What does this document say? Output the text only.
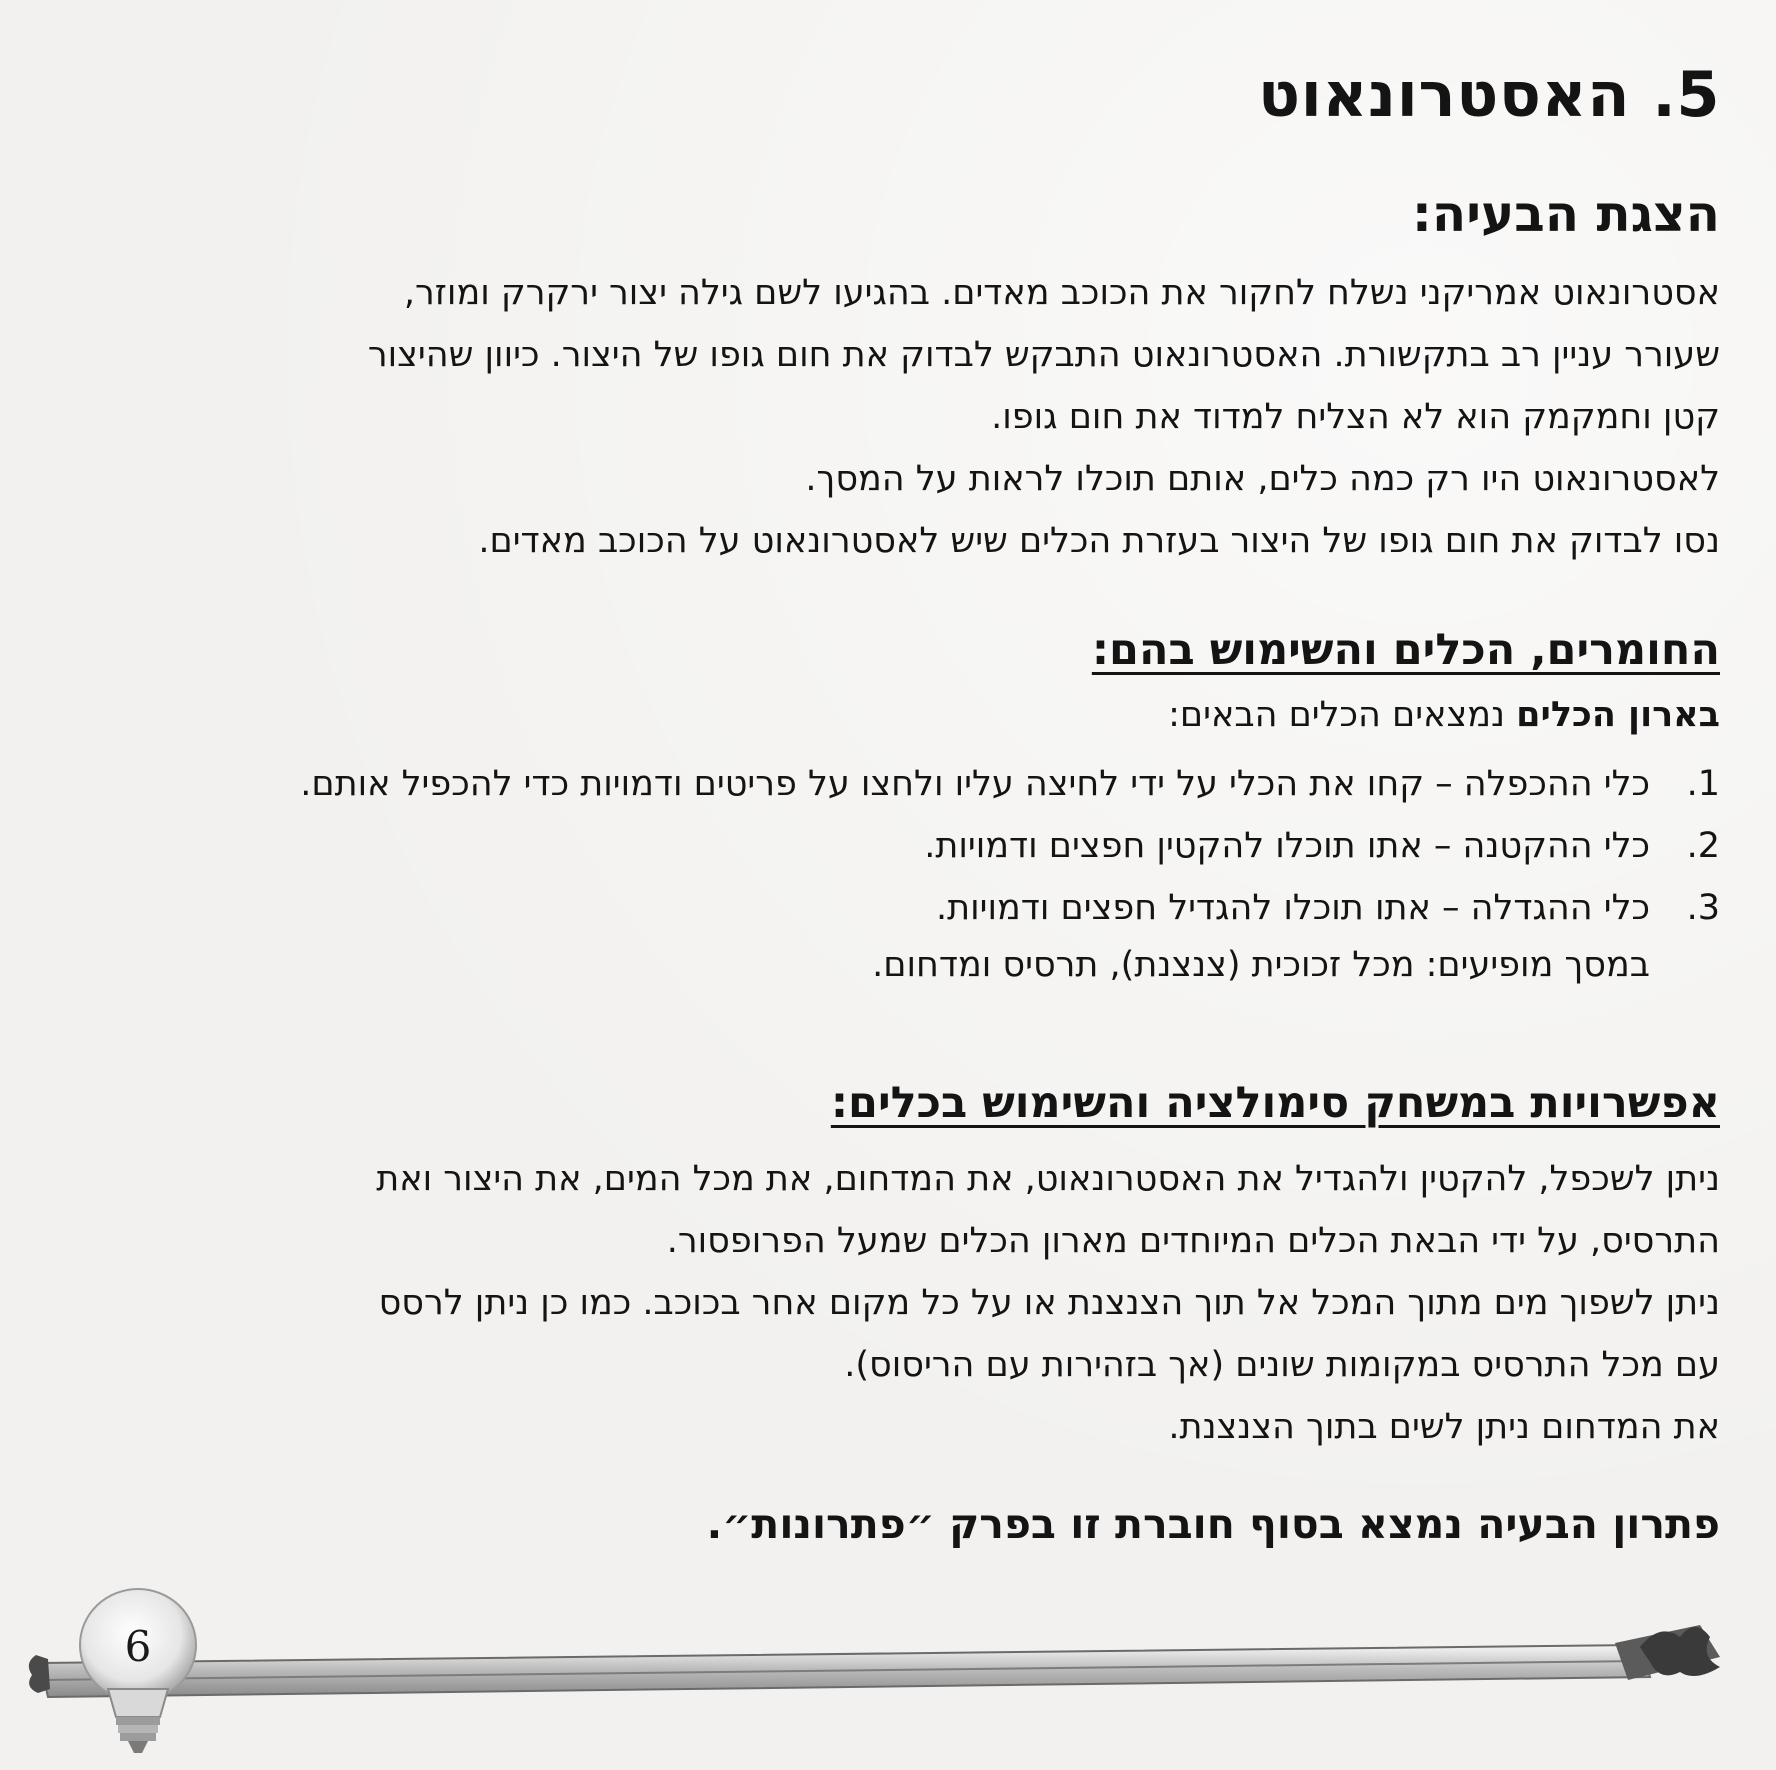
5. האסטרונאוט
הצגת הבעיה:
אסטרונאוט אמריקני נשלח לחקור את הכוכב מאדים. בהגיעו לשם גילה יצור ירקרק ומוזר,
שעורר עניין רב בתקשורת. האסטרונאוט התבקש לבדוק את חום גופו של היצור. כיוון שהיצור
קטן וחמקמק הוא לא הצליח למדוד את חום גופו.
לאסטרונאוט היו רק כמה כלים, אותם תוכלו לראות על המסך.
נסו לבדוק את חום גופו של היצור בעזרת הכלים שיש לאסטרונאוט על הכוכב מאדים.
החומרים, הכלים והשימוש בהם:
בארון הכלים נמצאים הכלים הבאים:
1.
כלי ההכפלה – קחו את הכלי על ידי לחיצה עליו ולחצו על פריטים ודמויות כדי להכפיל אותם.
2.
כלי ההקטנה – אתו תוכלו להקטין חפצים ודמויות.
3.
כלי ההגדלה – אתו תוכלו להגדיל חפצים ודמויות.
במסך מופיעים: מכל זכוכית (צנצנת), תרסיס ומדחום.
אפשרויות במשחק סימולציה והשימוש בכלים:
ניתן לשכפל, להקטין ולהגדיל את האסטרונאוט, את המדחום, את מכל המים, את היצור ואת
התרסיס, על ידי הבאת הכלים המיוחדים מארון הכלים שמעל הפרופסור.
ניתן לשפוך מים מתוך המכל אל תוך הצנצנת או על כל מקום אחר בכוכב. כמו כן ניתן לרסס
עם מכל התרסיס במקומות שונים (אך בזהירות עם הריסוס).
את המדחום ניתן לשים בתוך הצנצנת.
פתרון הבעיה נמצא בסוף חוברת זו בפרק ״פתרונות״.
6
